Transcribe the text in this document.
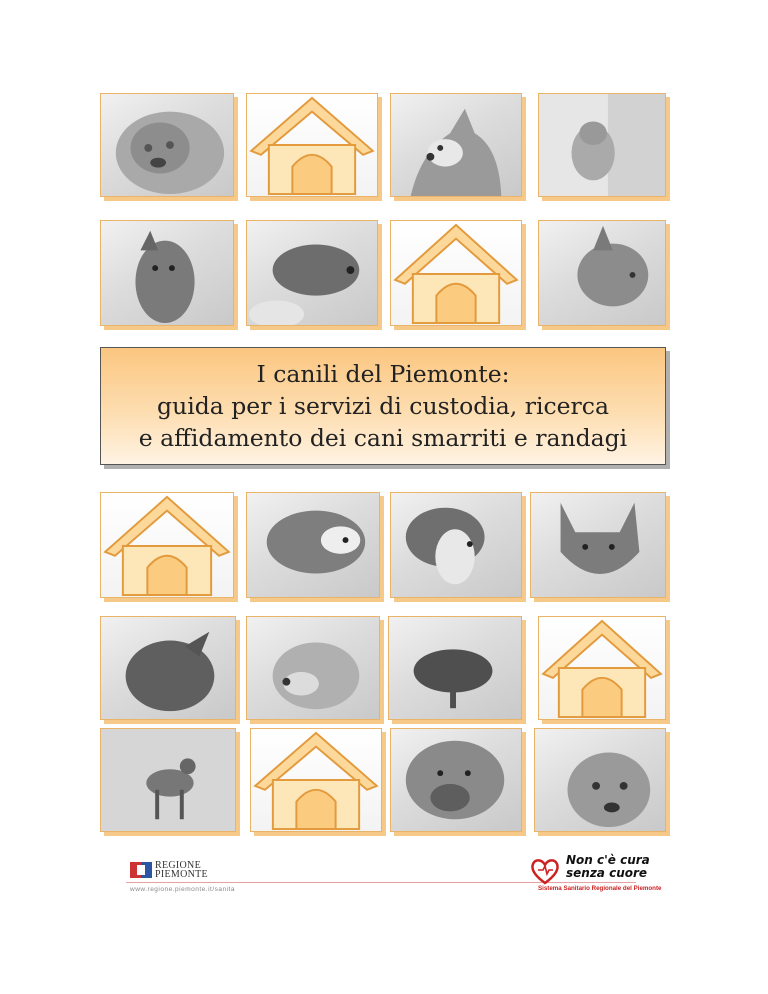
I canili del Piemonte:
guida per i servizi di custodia, ricerca
e affidamento dei cani smarriti e randagi
REGIONE
PIEMONTE
www.regione.piemonte.it/sanita
Non c'è cura
senza cuore
Sistema Sanitario Regionale del Piemonte
